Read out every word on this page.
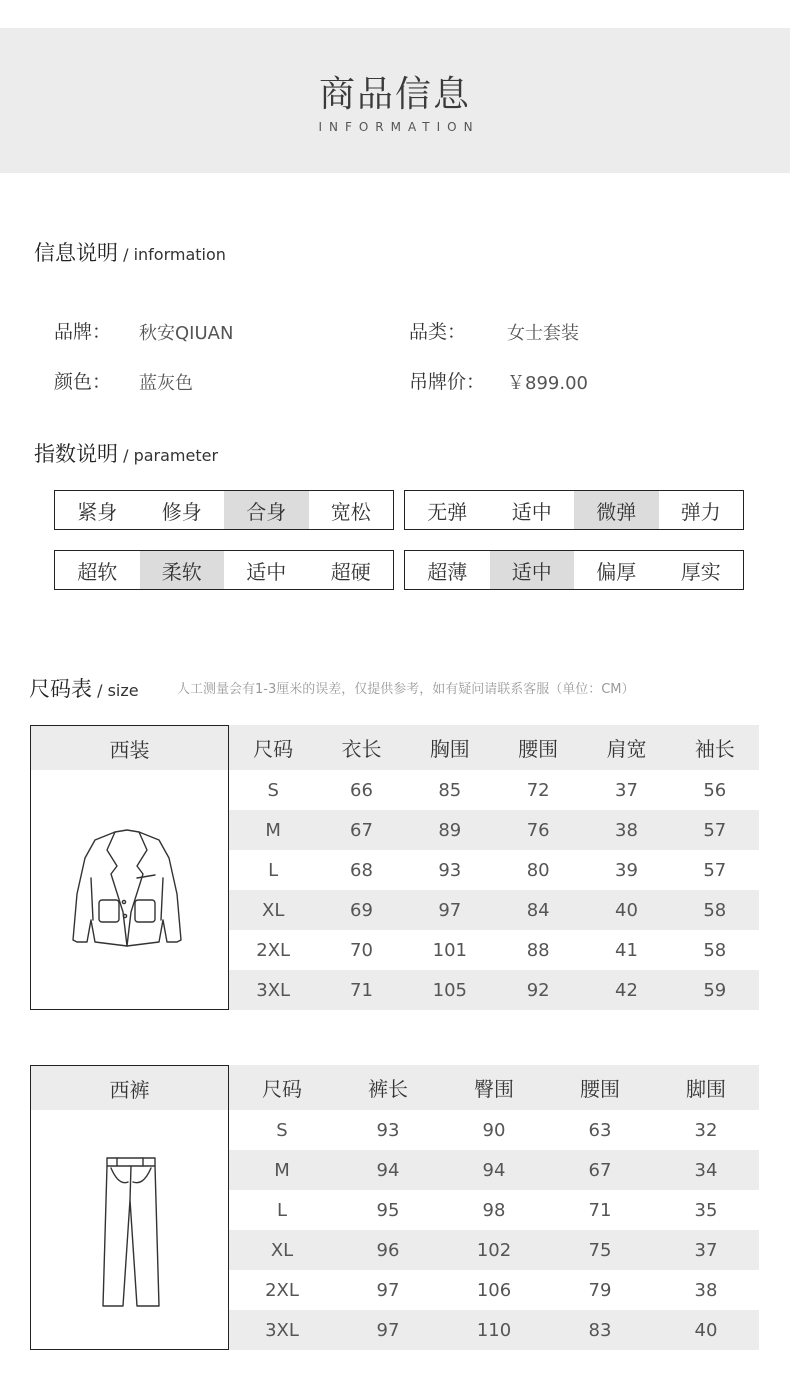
商品信息
INFORMATION
信息说明 / information
品牌： 秋安QIUAN	品类： 女士套装
颜色： 蓝灰色	吊牌价： ￥899.00
指数说明 / parameter
紧身	修身	合身	宽松	无弹	适中	微弹	弹力
超软	柔软	适中	超硬	超薄	适中	偏厚	厚实
尺码表 / size	人工测量会有1-3厘米的误差，仅提供参考，如有疑问请联系客服（单位：CM）
西装	尺码	衣长	胸围	腰围	肩宽	袖长
S	66	85	72	37	56
M	67	89	76	38	57
L	68	93	80	39	57
XL	69	97	84	40	58
2XL	70	101	88	41	58
3XL	71	105	92	42	59
西裤	尺码	裤长	臀围	腰围	脚围
S	93	90	63	32
M	94	94	67	34
L	95	98	71	35
XL	96	102	75	37
2XL	97	106	79	38
3XL	97	110	83	40
